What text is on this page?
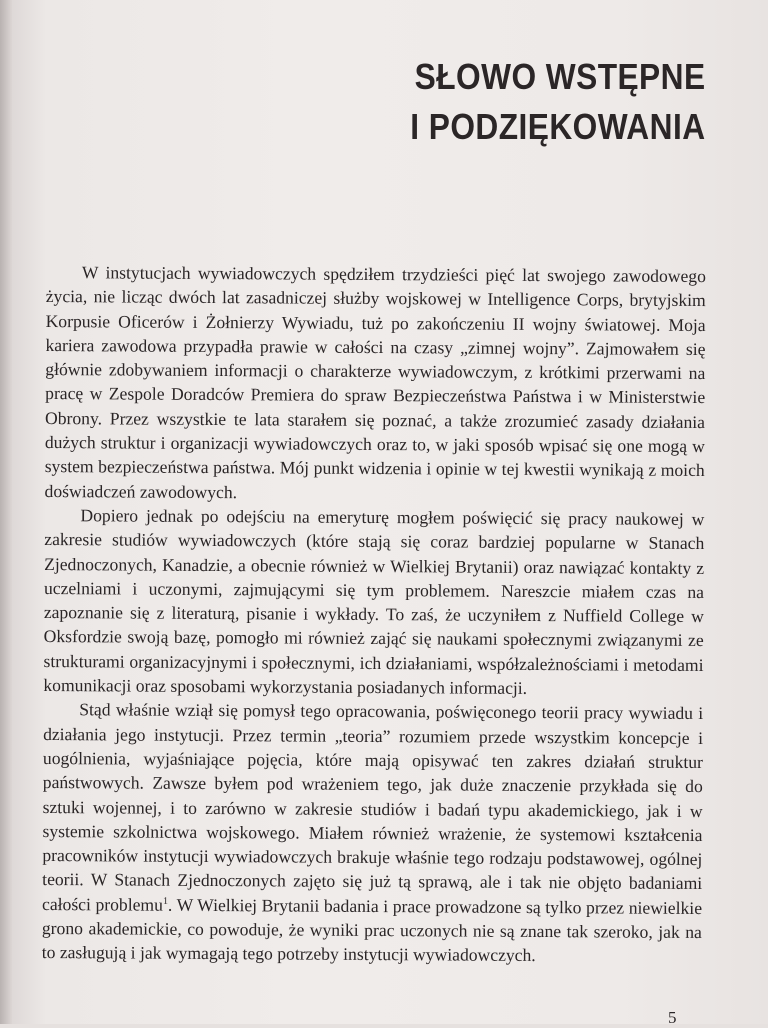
SŁOWO WSTĘPNE
I PODZIĘKOWANIA

W instytucjach wywiadowczych spędziłem trzydzieści pięć lat swojego zawodowego życia, nie licząc dwóch lat zasadniczej służby wojskowej w Intelligence Corps, brytyjskim Korpusie Oficerów i Żołnierzy Wywiadu, tuż po zakończeniu II wojny światowej. Moja kariera zawodowa przypadła prawie w całości na czasy „zimnej wojny”. Zajmowałem się głównie zdobywaniem informacji o charakterze wywiadowczym, z krótkimi przerwami na pracę w Zespole Doradców Premiera do spraw Bezpieczeństwa Państwa i w Ministerstwie Obrony. Przez wszystkie te lata starałem się poznać, a także zrozumieć zasady działania dużych struktur i organizacji wywiadowczych oraz to, w jaki sposób wpisać się one mogą w system bezpieczeństwa państwa. Mój punkt widzenia i opinie w tej kwestii wynikają z moich doświadczeń zawodowych.

Dopiero jednak po odejściu na emeryturę mogłem poświęcić się pracy naukowej w zakresie studiów wywiadowczych (które stają się coraz bardziej popularne w Stanach Zjednoczonych, Kanadzie, a obecnie również w Wielkiej Brytanii) oraz nawiązać kontakty z uczelniami i uczonymi, zajmującymi się tym problemem. Nareszcie miałem czas na zapoznanie się z literaturą, pisanie i wykłady. To zaś, że uczyniłem z Nuffield College w Oksfordzie swoją bazę, pomogło mi również zająć się naukami społecznymi związanymi ze strukturami organizacyjnymi i społecznymi, ich działaniami, współzależnościami i metodami komunikacji oraz sposobami wykorzystania posiadanych informacji.

Stąd właśnie wziął się pomysł tego opracowania, poświęconego teorii pracy wywiadu i działania jego instytucji. Przez termin „teoria” rozumiem przede wszystkim koncepcje i uogólnienia, wyjaśniające pojęcia, które mają opisywać ten zakres działań struktur państwowych. Zawsze byłem pod wrażeniem tego, jak duże znaczenie przykłada się do sztuki wojennej, i to zarówno w zakresie studiów i badań typu akademickiego, jak i w systemie szkolnictwa wojskowego. Miałem również wrażenie, że systemowi kształcenia pracowników instytucji wywiadowczych brakuje właśnie tego rodzaju podstawowej, ogólnej teorii. W Stanach Zjednoczonych zajęto się już tą sprawą, ale i tak nie objęto badaniami całości problemu$^1$. W Wielkiej Brytanii badania i prace prowadzone są tylko przez niewielkie grono akademickie, co powoduje, że wyniki prac uczonych nie są znane tak szeroko, jak na to zasługują i jak wymagają tego potrzeby instytucji wywiadowczych.

5
